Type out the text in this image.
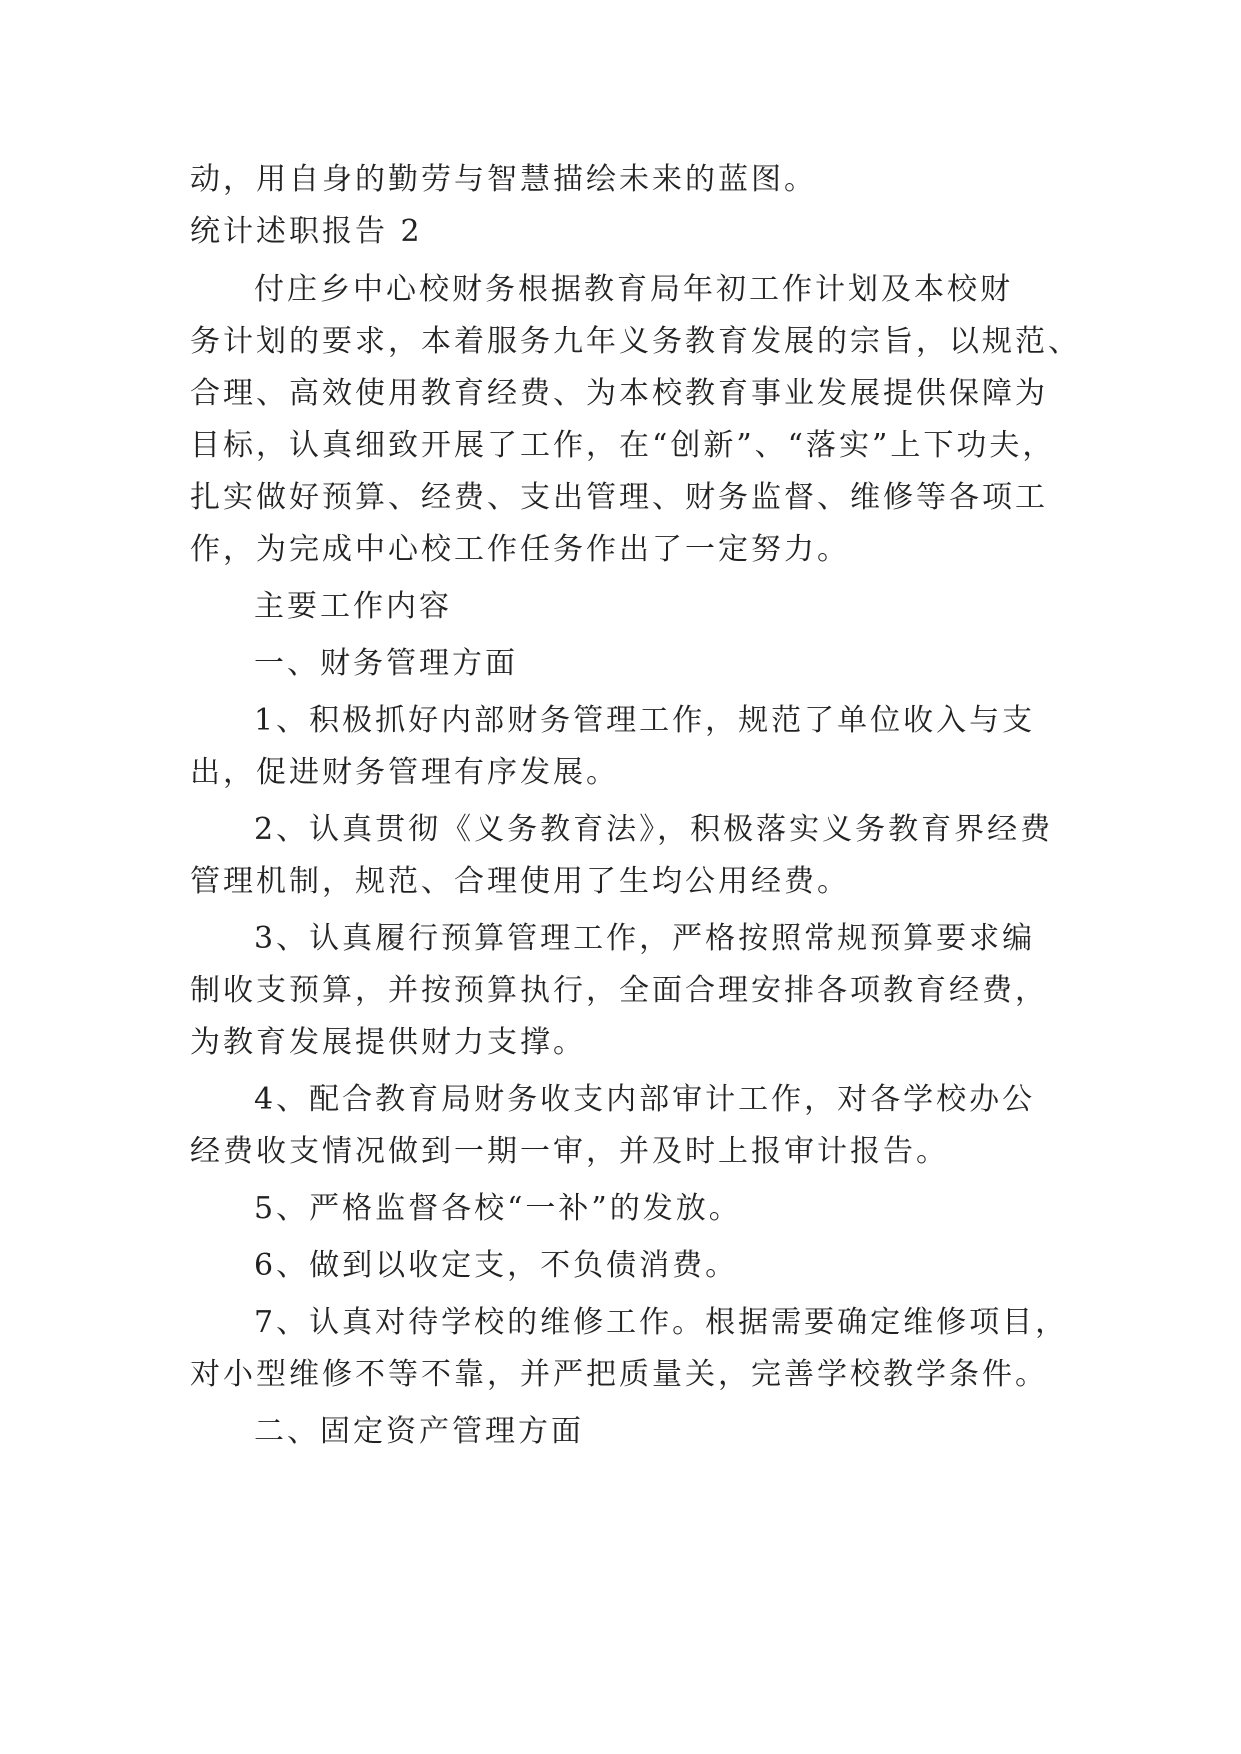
动，用自身的勤劳与智慧描绘未来的蓝图。
统计述职报告 2
付庄乡中心校财务根据教育局年初工作计划及本校财
务计划的要求，本着服务九年义务教育发展的宗旨，以规范、
合理、高效使用教育经费、为本校教育事业发展提供保障为
目标，认真细致开展了工作，在“创新”、“落实”上下功夫，
扎实做好预算、经费、支出管理、财务监督、维修等各项工
作，为完成中心校工作任务作出了一定努力。
主要工作内容
一、财务管理方面
1、积极抓好内部财务管理工作，规范了单位收入与支
出，促进财务管理有序发展。
2、认真贯彻《义务教育法》，积极落实义务教育界经费
管理机制，规范、合理使用了生均公用经费。
3、认真履行预算管理工作，严格按照常规预算要求编
制收支预算，并按预算执行，全面合理安排各项教育经费，
为教育发展提供财力支撑。
4、配合教育局财务收支内部审计工作，对各学校办公
经费收支情况做到一期一审，并及时上报审计报告。
5、严格监督各校“一补”的发放。
6、做到以收定支，不负债消费。
7、认真对待学校的维修工作。根据需要确定维修项目，
对小型维修不等不靠，并严把质量关，完善学校教学条件。
二、固定资产管理方面
